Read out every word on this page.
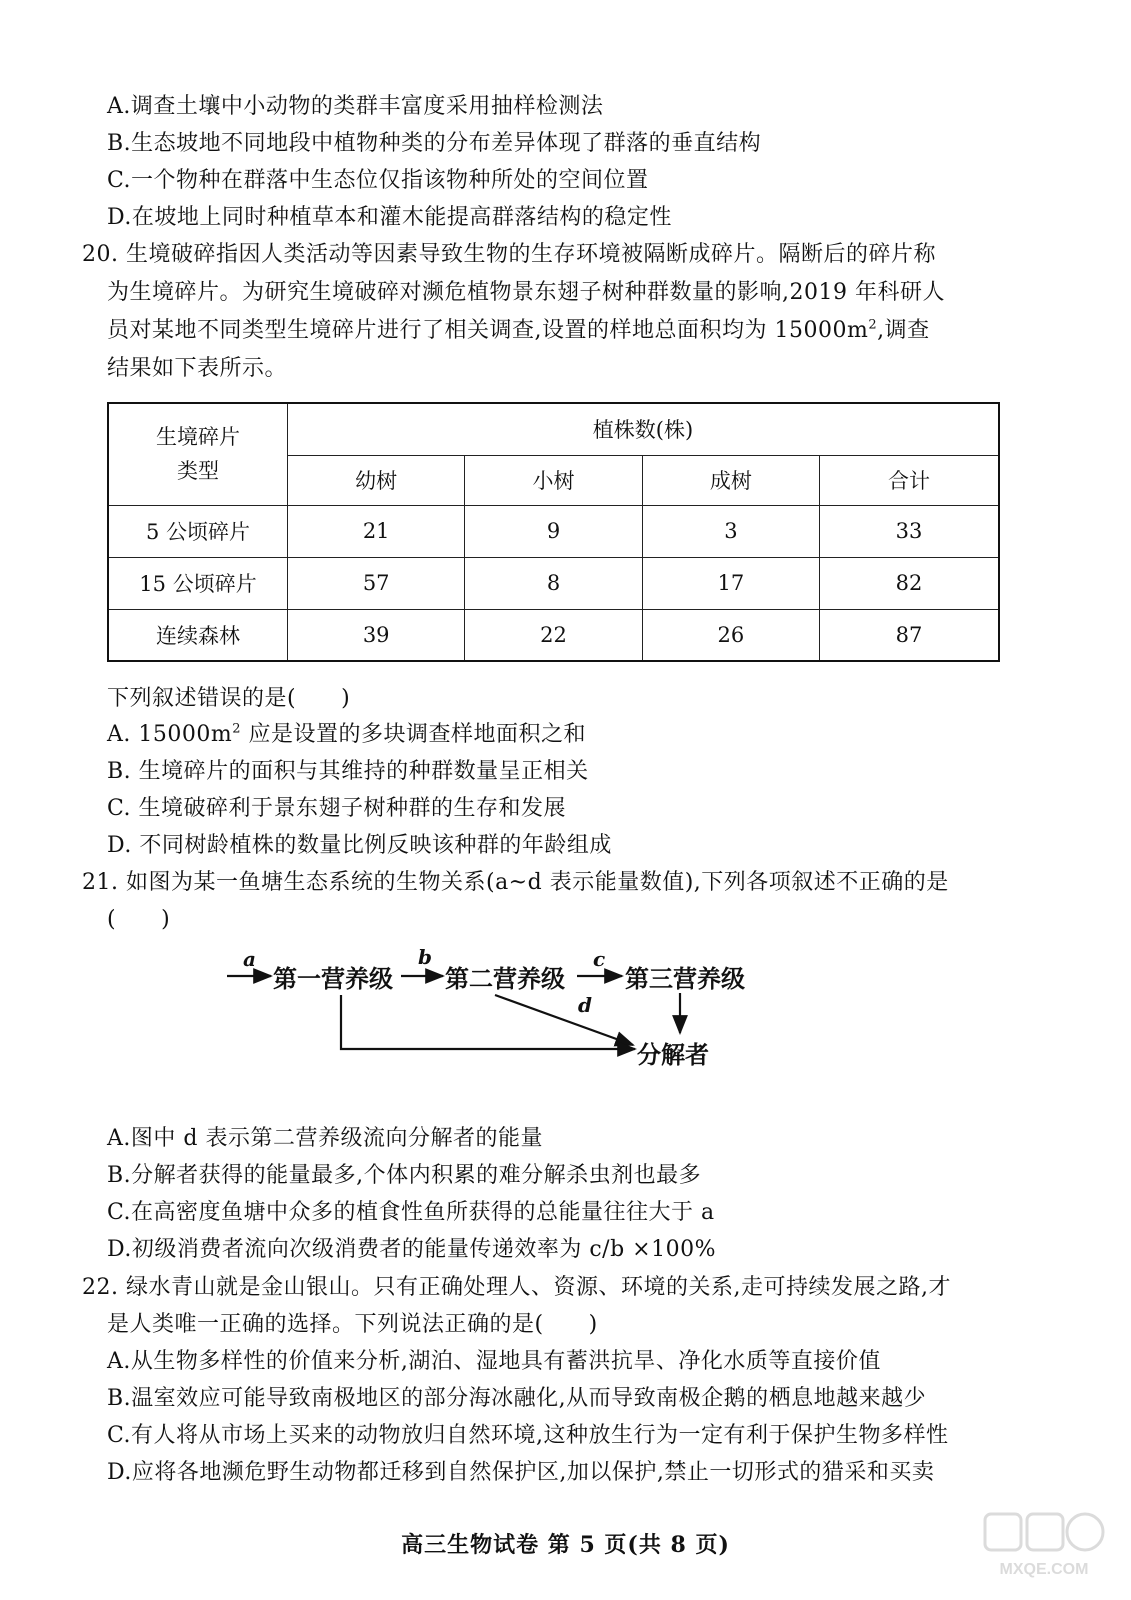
A.调查土壤中小动物的类群丰富度采用抽样检测法
B.生态坡地不同地段中植物种类的分布差异体现了群落的垂直结构
C.一个物种在群落中生态位仅指该物种所处的空间位置
D.在坡地上同时种植草本和灌木能提高群落结构的稳定性
20. 生境破碎指因人类活动等因素导致生物的生存环境被隔断成碎片。隔断后的碎片称
为生境碎片。为研究生境破碎对濒危植物景东翅子树种群数量的影响,2019 年科研人
员对某地不同类型生境碎片进行了相关调查,设置的样地总面积均为 $15000m^2$,调查
结果如下表所示。
生境碎片
类型	植株数(株)			
	幼树	小树	成树	合计
5 公顷碎片	21	9	3	33
15 公顷碎片	57	8	17	82
连续森林	39	22	26	87
下列叙述错误的是(　　)
A. $15000m^2$ 应是设置的多块调查样地面积之和
B. 生境碎片的面积与其维持的种群数量呈正相关
C. 生境破碎利于景东翅子树种群的生存和发展
D. 不同树龄植株的数量比例反映该种群的年龄组成
21. 如图为某一鱼塘生态系统的生物关系(a~d 表示能量数值),下列各项叙述不正确的是
(　　)
第一营养级 第二营养级	第三营养级
分解者
a	b	c
d
A.图中 d 表示第二营养级流向分解者的能量
B.分解者获得的能量最多,个体内积累的难分解杀虫剂也最多
C.在高密度鱼塘中众多的植食性鱼所获得的总能量往往大于 a
D.初级消费者流向次级消费者的能量传递效率为 c/b ×100%
22. 绿水青山就是金山银山。只有正确处理人、资源、环境的关系,走可持续发展之路,才
是人类唯一正确的选择。下列说法正确的是(　　)
A.从生物多样性的价值来分析,湖泊、湿地具有蓄洪抗旱、净化水质等直接价值
B.温室效应可能导致南极地区的部分海冰融化,从而导致南极企鹅的栖息地越来越少
C.有人将从市场上买来的动物放归自然环境,这种放生行为一定有利于保护生物多样性
D.应将各地濒危野生动物都迁移到自然保护区,加以保护,禁止一切形式的猎采和买卖
高三生物试卷 第 5 页(共 8 页)
MXQE.COM
